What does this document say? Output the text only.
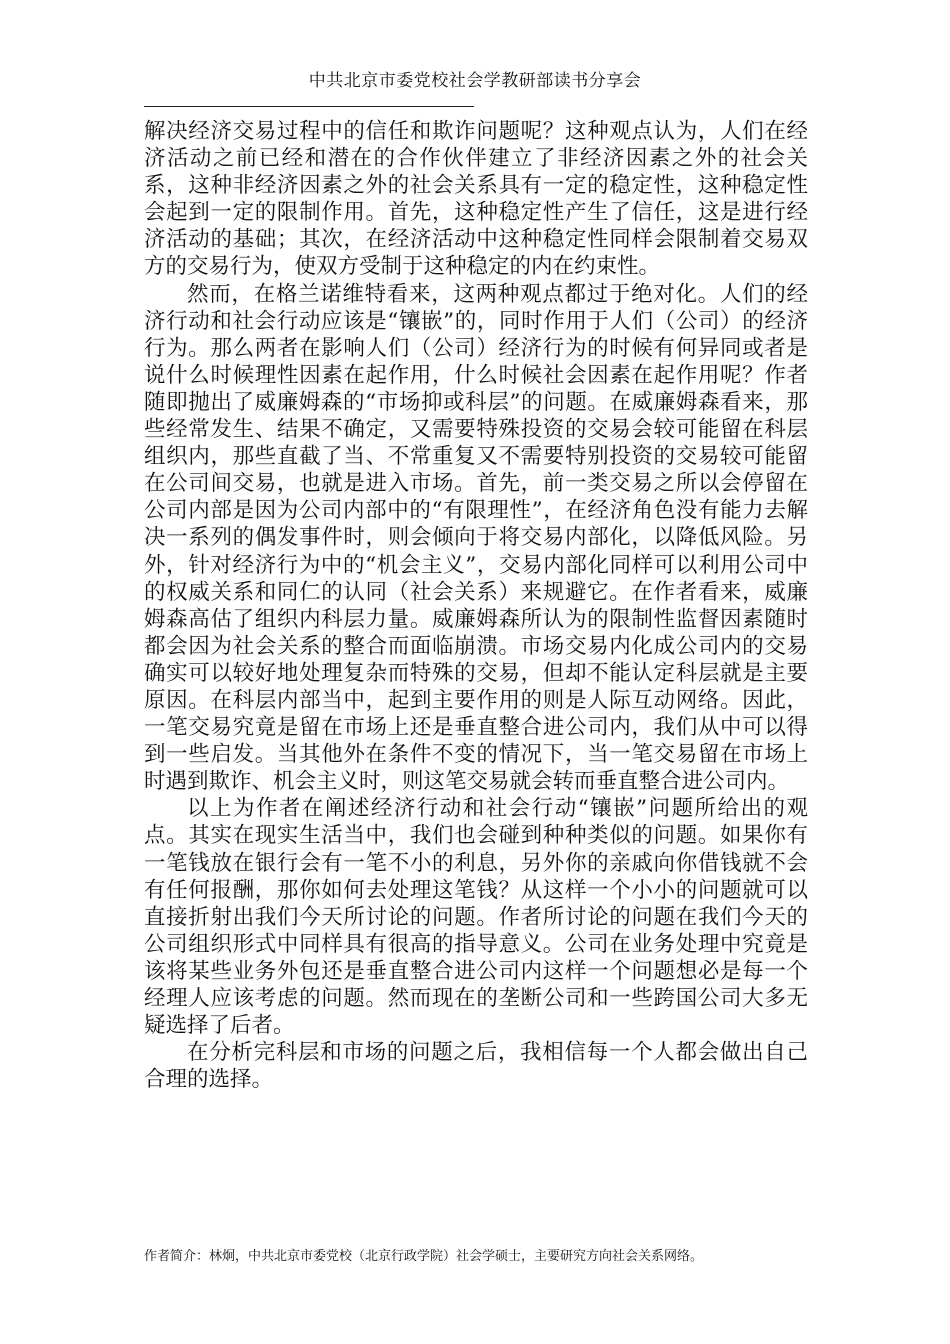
中共北京市委党校社会学教研部读书分享会

解决经济交易过程中的信任和欺诈问题呢？这种观点认为，人们在经济活动之前已经和潜在的合作伙伴建立了非经济因素之外的社会关系，这种非经济因素之外的社会关系具有一定的稳定性，这种稳定性会起到一定的限制作用。首先，这种稳定性产生了信任，这是进行经济活动的基础；其次，在经济活动中这种稳定性同样会限制着交易双方的交易行为，使双方受制于这种稳定的内在约束性。

然而，在格兰诺维特看来，这两种观点都过于绝对化。人们的经济行动和社会行动应该是“镶嵌”的，同时作用于人们（公司）的经济行为。那么两者在影响人们（公司）经济行为的时候有何异同或者是说什么时候理性因素在起作用，什么时候社会因素在起作用呢？作者随即抛出了威廉姆森的“市场抑或科层”的问题。在威廉姆森看来，那些经常发生、结果不确定，又需要特殊投资的交易会较可能留在科层组织内，那些直截了当、不常重复又不需要特别投资的交易较可能留在公司间交易，也就是进入市场。首先，前一类交易之所以会停留在公司内部是因为公司内部中的“有限理性”，在经济角色没有能力去解决一系列的偶发事件时，则会倾向于将交易内部化，以降低风险。另外，针对经济行为中的“机会主义”，交易内部化同样可以利用公司中的权威关系和同仁的认同（社会关系）来规避它。在作者看来，威廉姆森高估了组织内科层力量。威廉姆森所认为的限制性监督因素随时都会因为社会关系的整合而面临崩溃。市场交易内化成公司内的交易确实可以较好地处理复杂而特殊的交易，但却不能认定科层就是主要原因。在科层内部当中，起到主要作用的则是人际互动网络。因此，一笔交易究竟是留在市场上还是垂直整合进公司内，我们从中可以得到一些启发。当其他外在条件不变的情况下，当一笔交易留在市场上时遇到欺诈、机会主义时，则这笔交易就会转而垂直整合进公司内。

以上为作者在阐述经济行动和社会行动“镶嵌”问题所给出的观点。其实在现实生活当中，我们也会碰到种种类似的问题。如果你有一笔钱放在银行会有一笔不小的利息，另外你的亲戚向你借钱就不会有任何报酬，那你如何去处理这笔钱？从这样一个小小的问题就可以直接折射出我们今天所讨论的问题。作者所讨论的问题在我们今天的公司组织形式中同样具有很高的指导意义。公司在业务处理中究竟是该将某些业务外包还是垂直整合进公司内这样一个问题想必是每一个经理人应该考虑的问题。然而现在的垄断公司和一些跨国公司大多无疑选择了后者。

在分析完科层和市场的问题之后，我相信每一个人都会做出自己合理的选择。

作者简介：林炯，中共北京市委党校（北京行政学院）社会学硕士，主要研究方向社会关系网络。
